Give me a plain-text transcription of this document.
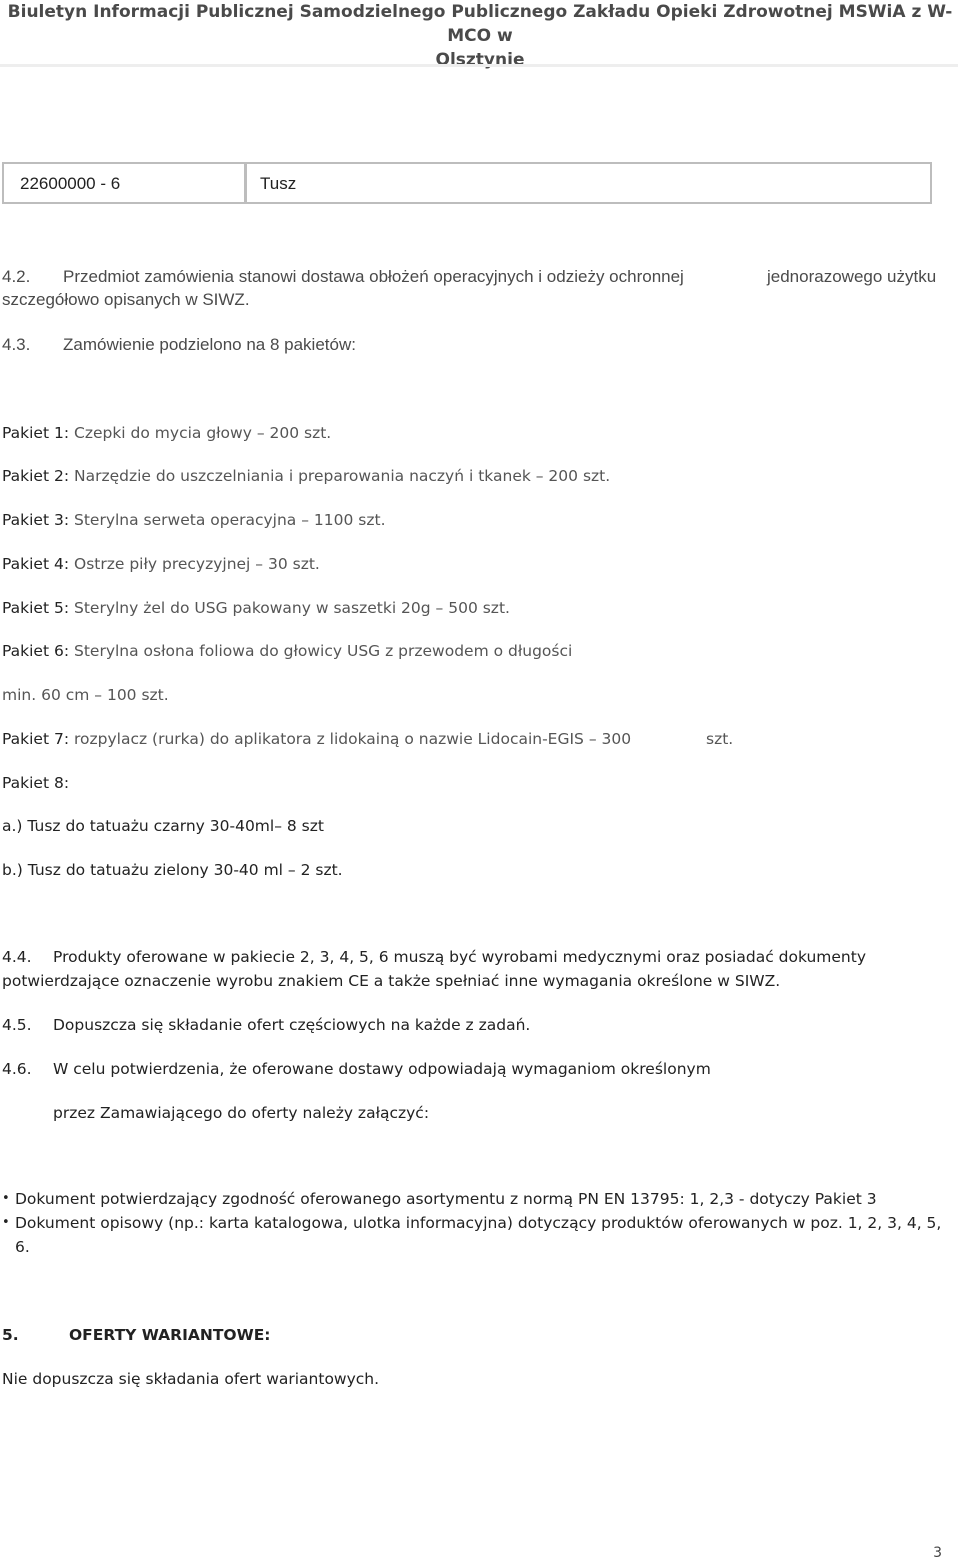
Biuletyn Informacji Publicznej Samodzielnego Publicznego Zakładu Opieki Zdrowotnej MSWiA z W-MCO w
Olsztynie
22600000 - 6	Tusz
4.2. Przedmiot zamówienia stanowi dostawa obłożeń operacyjnych i odzieży ochronnej	jednorazowego użytku
szczegółowo opisanych w SIWZ.
4.3. Zamówienie podzielono na 8 pakietów:
Pakiet 1: Czepki do mycia głowy – 200 szt.
Pakiet 2: Narzędzie do uszczelniania i preparowania naczyń i tkanek – 200 szt.
Pakiet 3: Sterylna serweta operacyjna – 1100 szt.
Pakiet 4: Ostrze piły precyzyjnej – 30 szt.
Pakiet 5: Sterylny żel do USG pakowany w saszetki 20g – 500 szt.
Pakiet 6: Sterylna osłona foliowa do głowicy USG z przewodem o długości
min. 60 cm – 100 szt.
Pakiet 7: rozpylacz (rurka) do aplikatora z lidokainą o nazwie Lidocain-EGIS – 300	szt.
Pakiet 8:
a.) Tusz do tatuażu czarny 30-40ml– 8 szt
b.) Tusz do tatuażu zielony 30-40 ml – 2 szt.
4.4. Produkty oferowane w pakiecie 2, 3, 4, 5, 6 muszą być wyrobami medycznymi oraz posiadać dokumenty
potwierdzające oznaczenie wyrobu znakiem CE a także spełniać inne wymagania określone w SIWZ.
4.5. Dopuszcza się składanie ofert częściowych na każde z zadań.
4.6. W celu potwierdzenia, że oferowane dostawy odpowiadają wymaganiom określonym
przez Zamawiającego do oferty należy załączyć:
• Dokument potwierdzający zgodność oferowanego asortymentu z normą PN EN 13795: 1, 2,3 - dotyczy Pakiet 3
• Dokument opisowy (np.: karta katalogowa, ulotka informacyjna) dotyczący produktów oferowanych w poz. 1, 2, 3, 4, 5, 6.
5.	OFERTY WARIANTOWE:
Nie dopuszcza się składania ofert wariantowych.
3
